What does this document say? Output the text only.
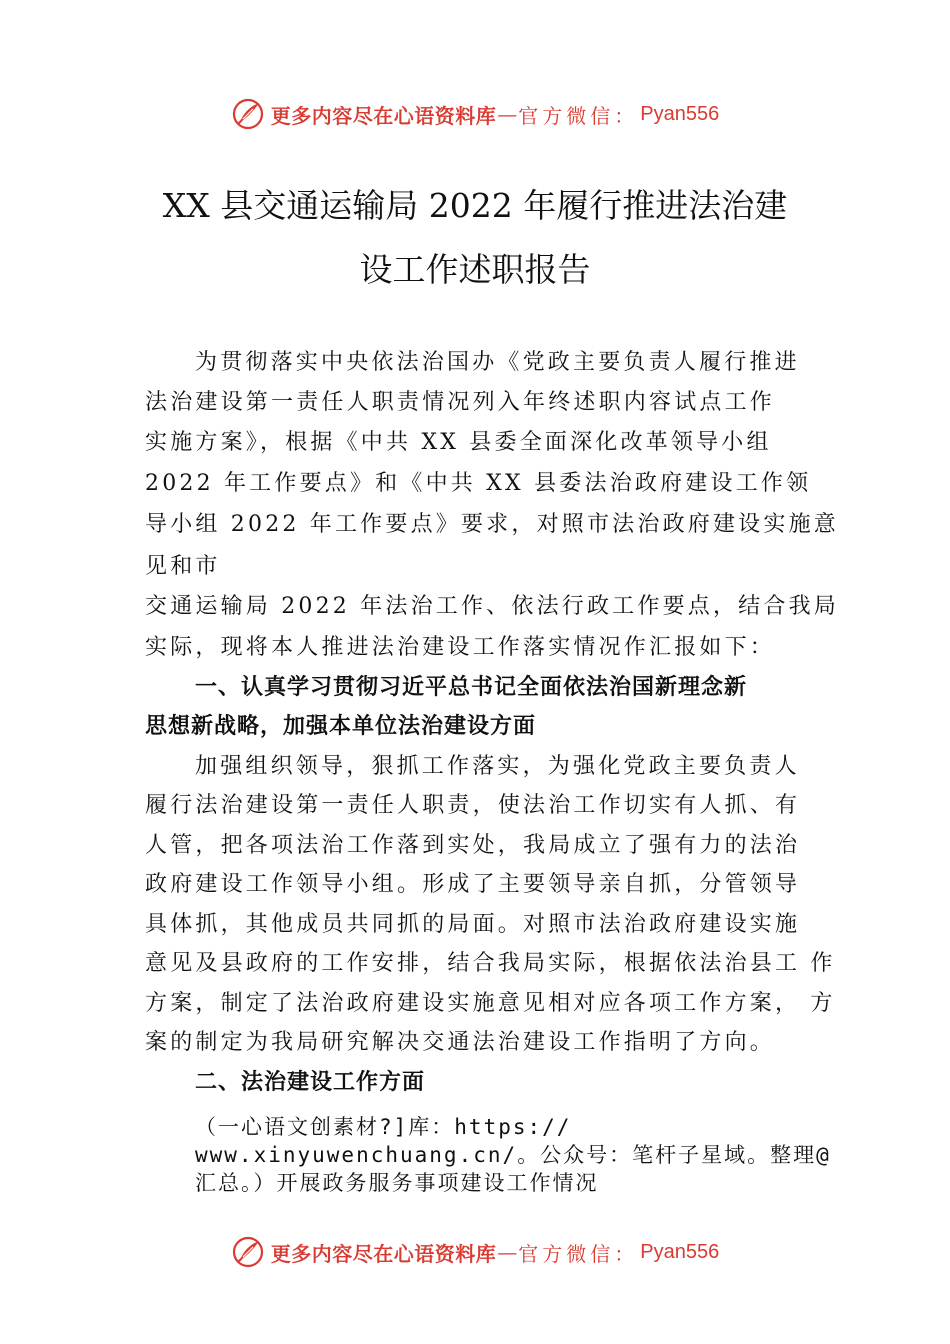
更多内容尽在心语资料库 — 官方微信： Pyan556
XX 县交通运输局 2022 年履行推进法治建
设工作述职报告
为贯彻落实中央依法治国办《党政主要负责人履行推进
法治建设第一责任人职责情况列入年终述职内容试点工作
实施方案》，根据《中共 XX 县委全面深化改革领导小组
2022 年工作要点》和《中共 XX 县委法治政府建设工作领
导小组 2022 年工作要点》要求，对照市法治政府建设实施意
见和市
交通运输局 2022 年法治工作、依法行政工作要点，结合我局
实际，现将本人推进法治建设工作落实情况作汇报如下：
一、认真学习贯彻习近平总书记全面依法治国新理念新
思想新战略，加强本单位法治建设方面
加强组织领导，狠抓工作落实，为强化党政主要负责人
履行法治建设第一责任人职责，使法治工作切实有人抓、有
人管，把各项法治工作落到实处，我局成立了强有力的法治
政府建设工作领导小组。形成了主要领导亲自抓，分管领导
具体抓，其他成员共同抓的局面。对照市法治政府建设实施
意见及县政府的工作安排，结合我局实际，根据依法治县工 作
方案，制定了法治政府建设实施意见相对应各项工作方案， 方
案的制定为我局研究解决交通法治建设工作指明了方向。
二、法治建设工作方面
（一心语文创素材?]库：https://
www.xinyuwenchuang.cn/。公众号：笔杆子星域。整理@
汇总。）开展政务服务事项建设工作情况
更多内容尽在心语资料库 — 官方微信： Pyan556
